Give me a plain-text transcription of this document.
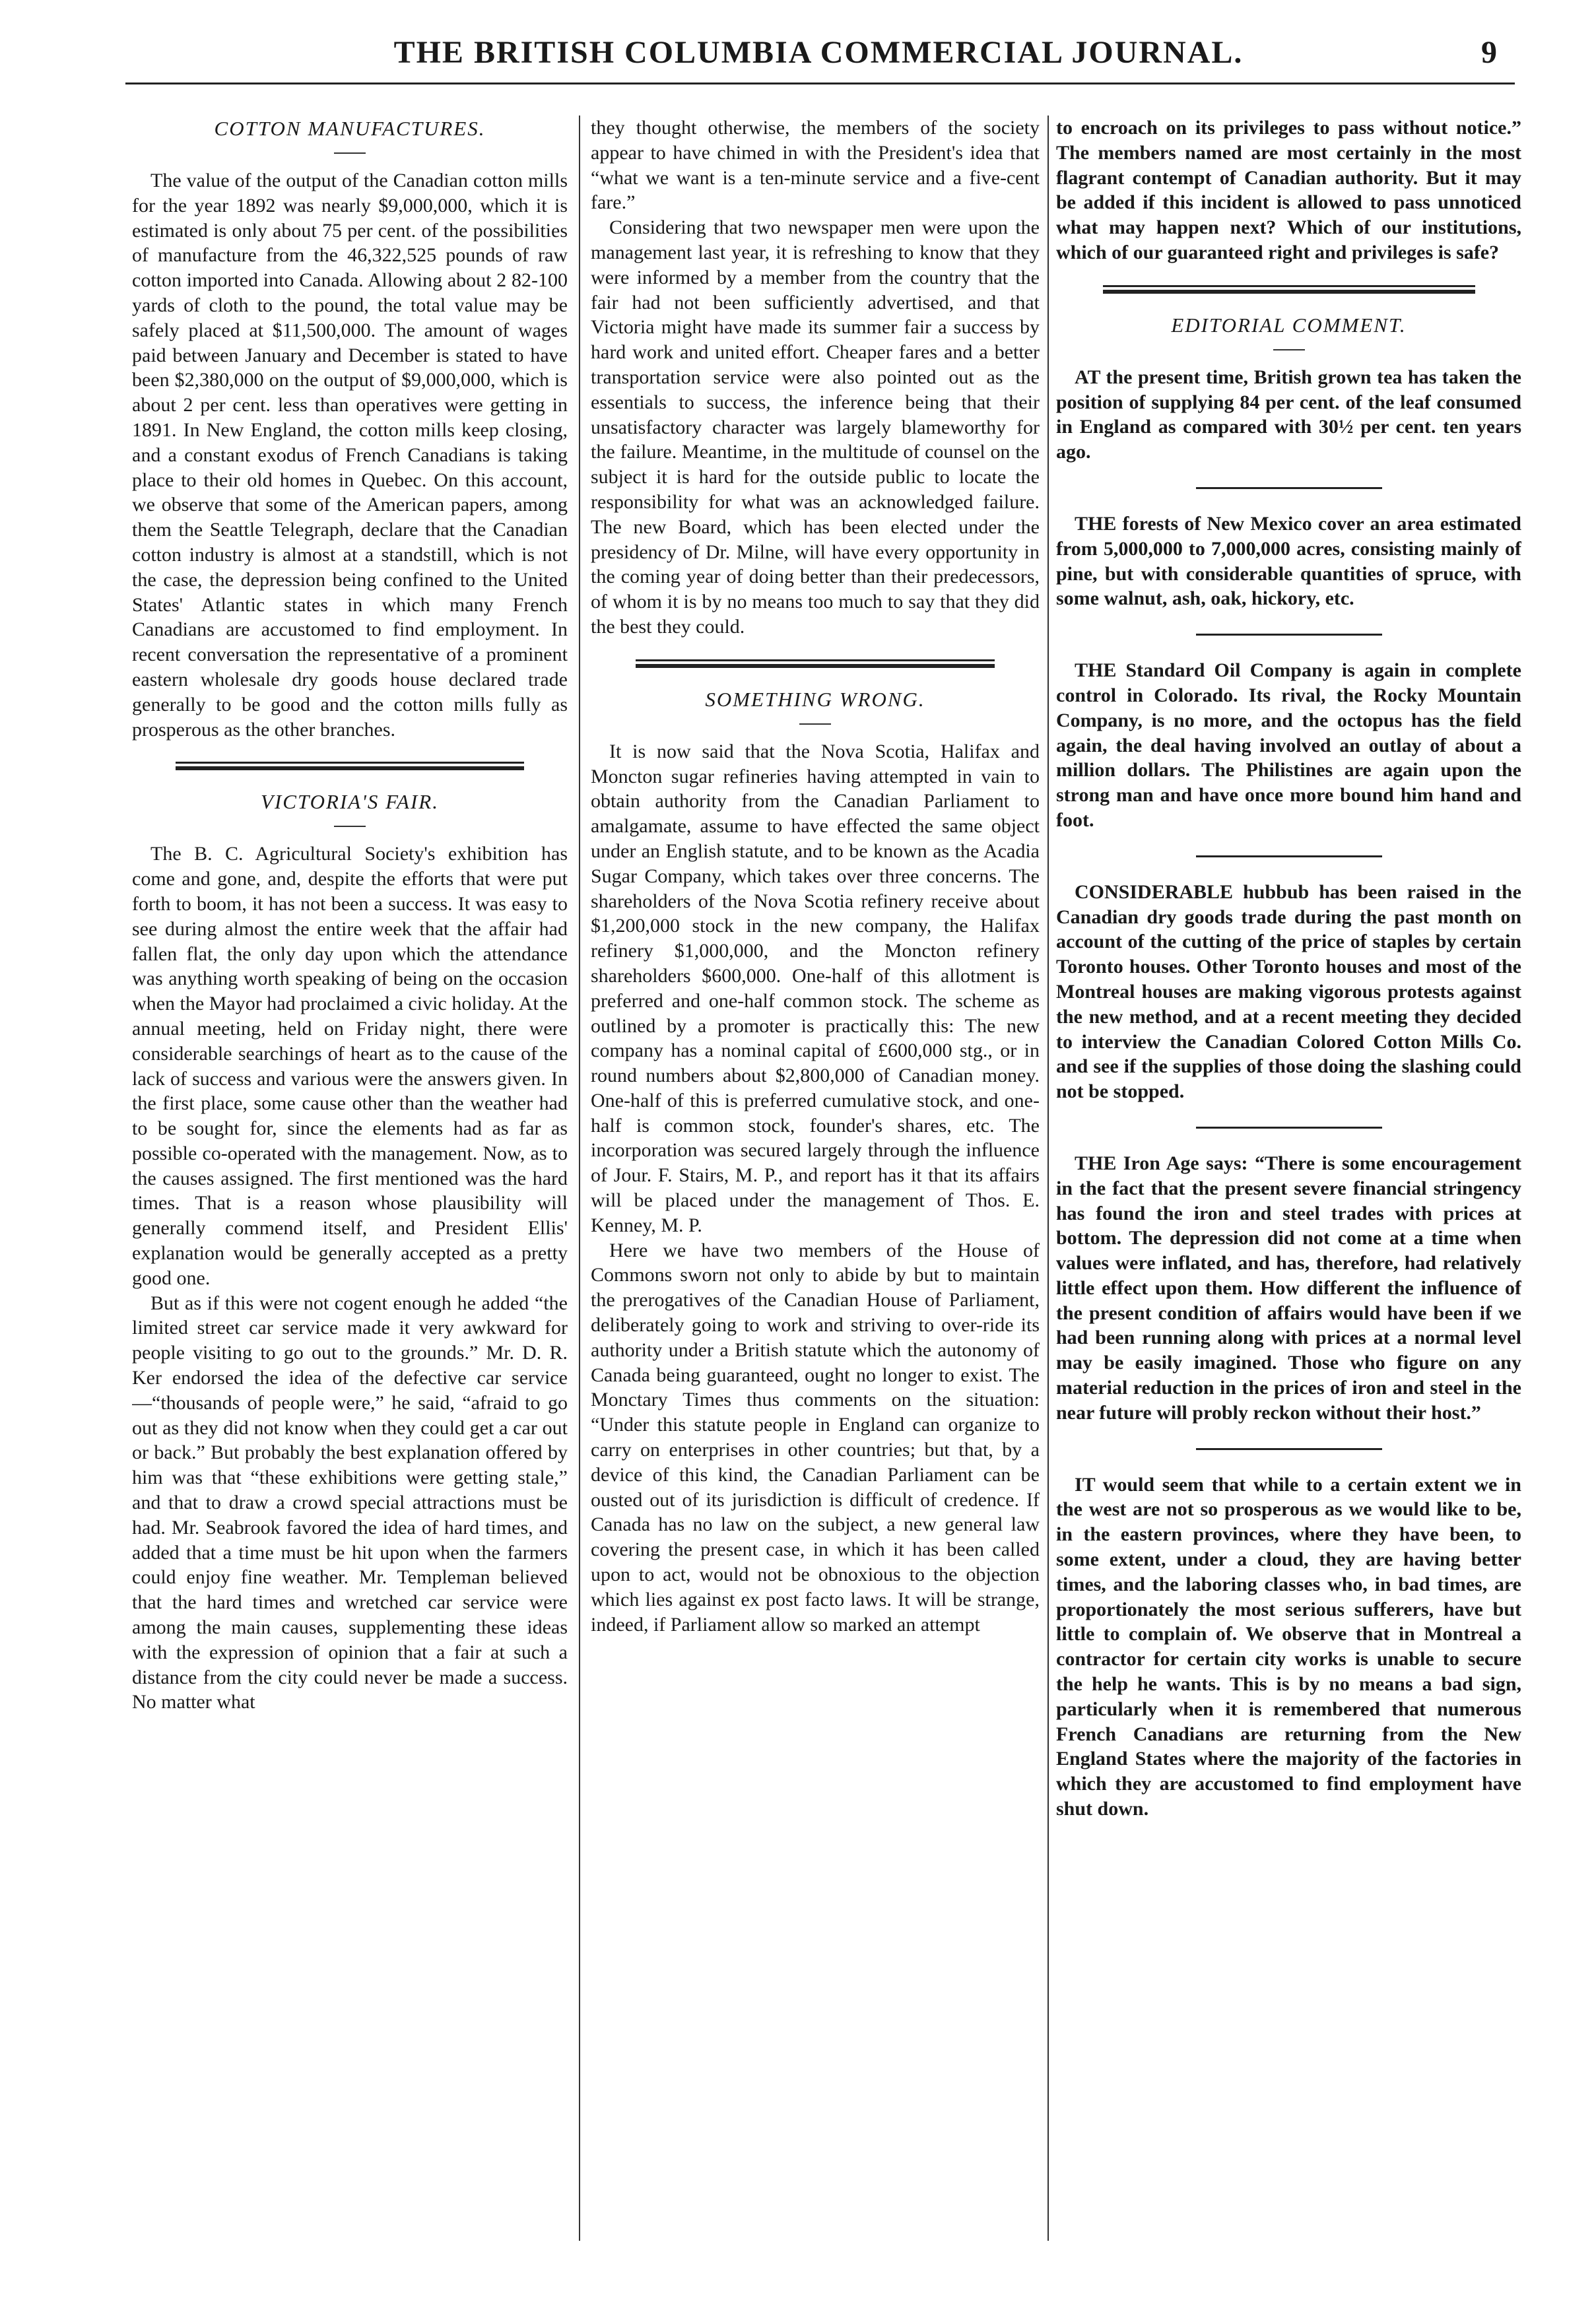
THE BRITISH COLUMBIA COMMERCIAL JOURNAL.	9
COTTON MANUFACTURES.

The value of the output of the Canadian cotton mills for the year 1892 was nearly $9,000,000, which it is estimated is only about 75 per cent. of the possibilities of manufacture from the 46,322,525 pounds of raw cotton imported into Canada. Allowing about 2 82-100 yards of cloth to the pound, the total value may be safely placed at $11,500,000. The amount of wages paid between January and December is stated to have been $2,380,000 on the output of $9,000,000, which is about 2 per cent. less than operatives were getting in 1891. In New England, the cotton mills keep closing, and a constant exodus of French Canadians is taking place to their old homes in Quebec. On this account, we observe that some of the American papers, among them the Seattle Telegraph, declare that the Canadian cotton industry is almost at a standstill, which is not the case, the depression being confined to the United States' Atlantic states in which many French Canadians are accustomed to find employment. In recent conversation the representative of a prominent eastern wholesale dry goods house declared trade generally to be good and the cotton mills fully as prosperous as the other branches.

VICTORIA'S FAIR.

The B. C. Agricultural Society's exhibition has come and gone, and, despite the efforts that were put forth to boom, it has not been a success. It was easy to see during almost the entire week that the affair had fallen flat, the only day upon which the attendance was anything worth speaking of being on the occasion when the Mayor had proclaimed a civic holiday. At the annual meeting, held on Friday night, there were considerable searchings of heart as to the cause of the lack of success and various were the answers given. In the first place, some cause other than the weather had to be sought for, since the elements had as far as possible co-operated with the management. Now, as to the causes assigned. The first mentioned was the hard times. That is a reason whose plausibility will generally commend itself, and President Ellis' explanation would be generally accepted as a pretty good one.

But as if this were not cogent enough he added “the limited street car service made it very awkward for people visiting to go out to the grounds.” Mr. D. R. Ker endorsed the idea of the defective car service—“thousands of people were,” he said, “afraid to go out as they did not know when they could get a car out or back.” But probably the best explanation offered by him was that “these exhibitions were getting stale,” and that to draw a crowd special attractions must be had. Mr. Seabrook favored the idea of hard times, and added that a time must be hit upon when the farmers could enjoy fine weather. Mr. Templeman believed that the hard times and wretched car service were among the main causes, supplementing these ideas with the expression of opinion that a fair at such a distance from the city could never be made a success. No matter what

they thought otherwise, the members of the society appear to have chimed in with the President's idea that “what we want is a ten-minute service and a five-cent fare.”

Considering that two newspaper men were upon the management last year, it is refreshing to know that they were informed by a member from the country that the fair had not been sufficiently advertised, and that Victoria might have made its summer fair a success by hard work and united effort. Cheaper fares and a better transportation service were also pointed out as the essentials to success, the inference being that their unsatisfactory character was largely blameworthy for the failure. Meantime, in the multitude of counsel on the subject it is hard for the outside public to locate the responsibility for what was an acknowledged failure. The new Board, which has been elected under the presidency of Dr. Milne, will have every opportunity in the coming year of doing better than their predecessors, of whom it is by no means too much to say that they did the best they could.

SOMETHING WRONG.

It is now said that the Nova Scotia, Halifax and Moncton sugar refineries having attempted in vain to obtain authority from the Canadian Parliament to amalgamate, assume to have effected the same object under an English statute, and to be known as the Acadia Sugar Company, which takes over three concerns. The shareholders of the Nova Scotia refinery receive about $1,200,000 stock in the new company, the Halifax refinery $1,000,000, and the Moncton refinery shareholders $600,000. One-half of this allotment is preferred and one-half common stock. The scheme as outlined by a promoter is practically this: The new company has a nominal capital of £600,000 stg., or in round numbers about $2,800,000 of Canadian money. One-half of this is preferred cumulative stock, and one-half is common stock, founder's shares, etc. The incorporation was secured largely through the influence of Jour. F. Stairs, M. P., and report has it that its affairs will be placed under the management of Thos. E. Kenney, M. P.

Here we have two members of the House of Commons sworn not only to abide by but to maintain the prerogatives of the Canadian House of Parliament, deliberately going to work and striving to over-ride its authority under a British statute which the autonomy of Canada being guaranteed, ought no longer to exist. The Monctary Times thus comments on the situation: “Under this statute people in England can organize to carry on enterprises in other countries; but that, by a device of this kind, the Canadian Parliament can be ousted out of its jurisdiction is difficult of credence. If Canada has no law on the subject, a new general law covering the present case, in which it has been called upon to act, would not be obnoxious to the objection which lies against ex post facto laws. It will be strange, indeed, if Parliament allow so marked an attempt

to encroach on its privileges to pass without notice.” The members named are most certainly in the most flagrant contempt of Canadian authority. But it may be added if this incident is allowed to pass unnoticed what may happen next? Which of our institutions, which of our guaranteed right and privileges is safe?

EDITORIAL COMMENT.

AT the present time, British grown tea has taken the position of supplying 84 per cent. of the leaf consumed in England as compared with 30½ per cent. ten years ago.

THE forests of New Mexico cover an area estimated from 5,000,000 to 7,000,000 acres, consisting mainly of pine, but with considerable quantities of spruce, with some walnut, ash, oak, hickory, etc.

THE Standard Oil Company is again in complete control in Colorado. Its rival, the Rocky Mountain Company, is no more, and the octopus has the field again, the deal having involved an outlay of about a million dollars. The Philistines are again upon the strong man and have once more bound him hand and foot.

CONSIDERABLE hubbub has been raised in the Canadian dry goods trade during the past month on account of the cutting of the price of staples by certain Toronto houses. Other Toronto houses and most of the Montreal houses are making vigorous protests against the new method, and at a recent meeting they decided to interview the Canadian Colored Cotton Mills Co. and see if the supplies of those doing the slashing could not be stopped.

THE Iron Age says: “There is some encouragement in the fact that the present severe financial stringency has found the iron and steel trades with prices at bottom. The depression did not come at a time when values were inflated, and has, therefore, had relatively little effect upon them. How different the influence of the present condition of affairs would have been if we had been running along with prices at a normal level may be easily imagined. Those who figure on any material reduction in the prices of iron and steel in the near future will probly reckon without their host.”

IT would seem that while to a certain extent we in the west are not so prosperous as we would like to be, in the eastern provinces, where they have been, to some extent, under a cloud, they are having better times, and the laboring classes who, in bad times, are proportionately the most serious sufferers, have but little to complain of. We observe that in Montreal a contractor for certain city works is unable to secure the help he wants. This is by no means a bad sign, particularly when it is remembered that numerous French Canadians are returning from the New England States where the majority of the factories in which they are accustomed to find employment have shut down.
